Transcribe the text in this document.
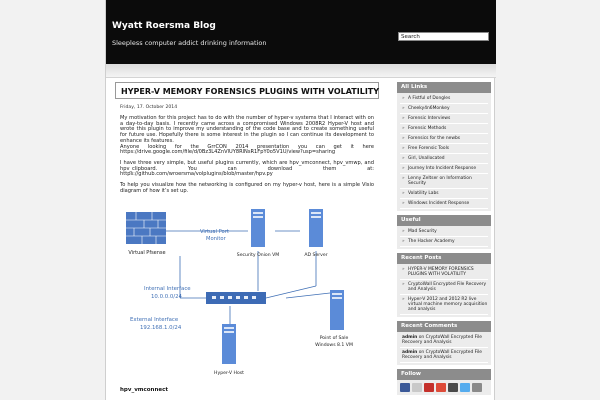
Wyatt Roersma Blog
Sleepless computer addict drinking information
Search
HYPER-V MEMORY FORENSICS PLUGINS WITH VOLATILITY
Friday, 17. October 2014

My motivation for this project has to do with the number of hyper-v systems that I interact with on a day-to-day basis. I recently came across a compromised Windows 2008R2 Hyper-V host and wrote this plugin to improve my understanding of the code base and to create something useful for future use. Hopefully there is some interest in the plugin so I can continue its development to enhance its features.

Anyone looking for the GrrCON 2014 presentation you can get it here https://drive.google.com/file/d/0Bz3L4ZnVlUY8RlNsR1FpY0o5V1U/view?usp=sharing

I have three very simple, but useful plugins currently, which are hpv_vmconnect, hpv_vmwp, and hpv_clipboard. You can download them at: https://github.com/wroersma/volplugins/blob/master/hpv.py

To help you visualize how the networking is configured on my hyper-v host, here is a simple Visio diagram of how it’s set up.

Virtual Pfsense
Virtual Port
Monitor
Security Onion VM	AD Server
Internal Interface
10.0.0.0/24
External Interface
192.168.1.0/24
Point of Sale
Windows 8.1 VM
Hyper-V Host
hpv_vmconnect
All Links
» A Fistful of Dongles
» Cheeky4n6Monkey
» Forensic Interviews
» Forensic Methods
» Forensics for the newbs
» Free Forensic Tools
» Girl, Unallocated
» Journey Into Incident Response
» Lenny Zeltser on Information Security
» Volatility Labs
» Windows Incident Response
Useful
» Mad Security
» The Hacker Academy
Recent Posts
» HYPER-V MEMORY FORENSICS PLUGINS WITH VOLATILITY
» CryptoWall Encrypted File Recovery and Analysis
» Hyper-V 2012 and 2012 R2 live virtual machine memory acquisition and analysis
Recent Comments
admin on CryptoWall Encrypted File Recovery and Analysis
admin on CryptoWall Encrypted File Recovery and Analysis
Follow
